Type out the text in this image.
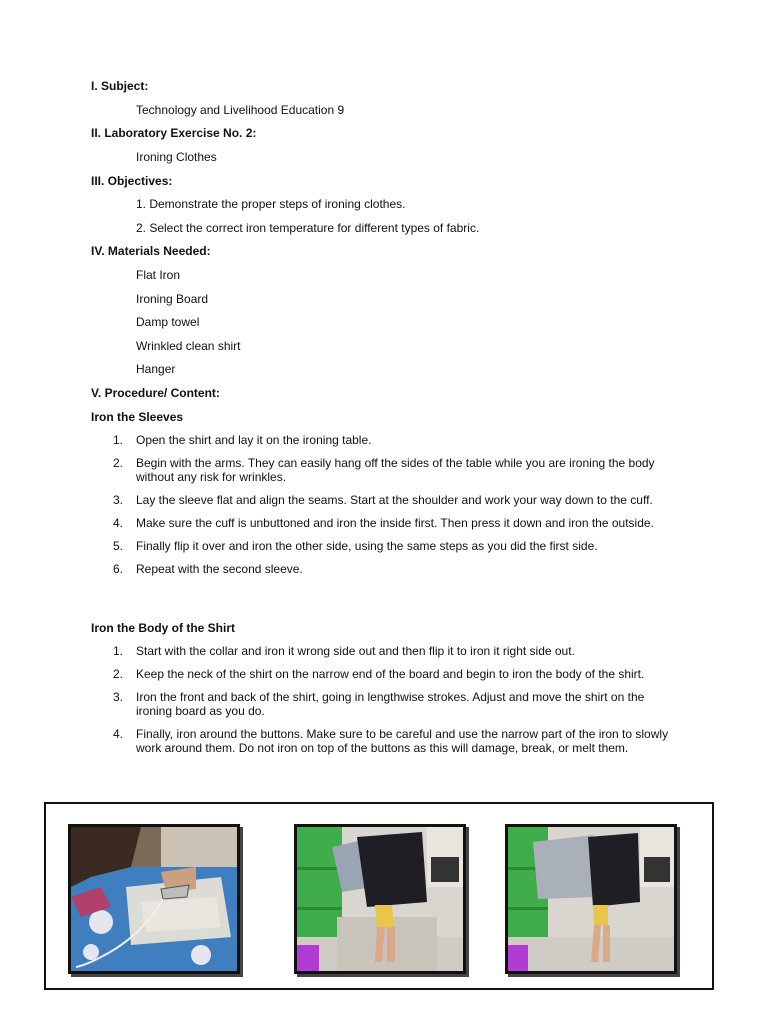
I. Subject:
Technology and Livelihood Education 9
II. Laboratory Exercise No. 2:
Ironing Clothes
III. Objectives:
1. Demonstrate the proper steps of ironing clothes.
2. Select the correct iron temperature for different types of fabric.
IV. Materials Needed:
Flat Iron
Ironing Board
Damp towel
Wrinkled clean shirt
Hanger
V. Procedure/ Content:
Iron the Sleeves
1. Open the shirt and lay it on the ironing table.
2. Begin with the arms. They can easily hang off the sides of the table while you are ironing the body without any risk for wrinkles.
3. Lay the sleeve flat and align the seams. Start at the shoulder and work your way down to the cuff.
4. Make sure the cuff is unbuttoned and iron the inside first. Then press it down and iron the outside.
5. Finally flip it over and iron the other side, using the same steps as you did the first side.
6. Repeat with the second sleeve.
Iron the Body of the Shirt
1. Start with the collar and iron it wrong side out and then flip it to iron it right side out.
2. Keep the neck of the shirt on the narrow end of the board and begin to iron the body of the shirt.
3. Iron the front and back of the shirt, going in lengthwise strokes. Adjust and move the shirt on the ironing board as you do.
4. Finally, iron around the buttons. Make sure to be careful and use the narrow part of the iron to slowly work around them. Do not iron on top of the buttons as this will damage, break, or melt them.
